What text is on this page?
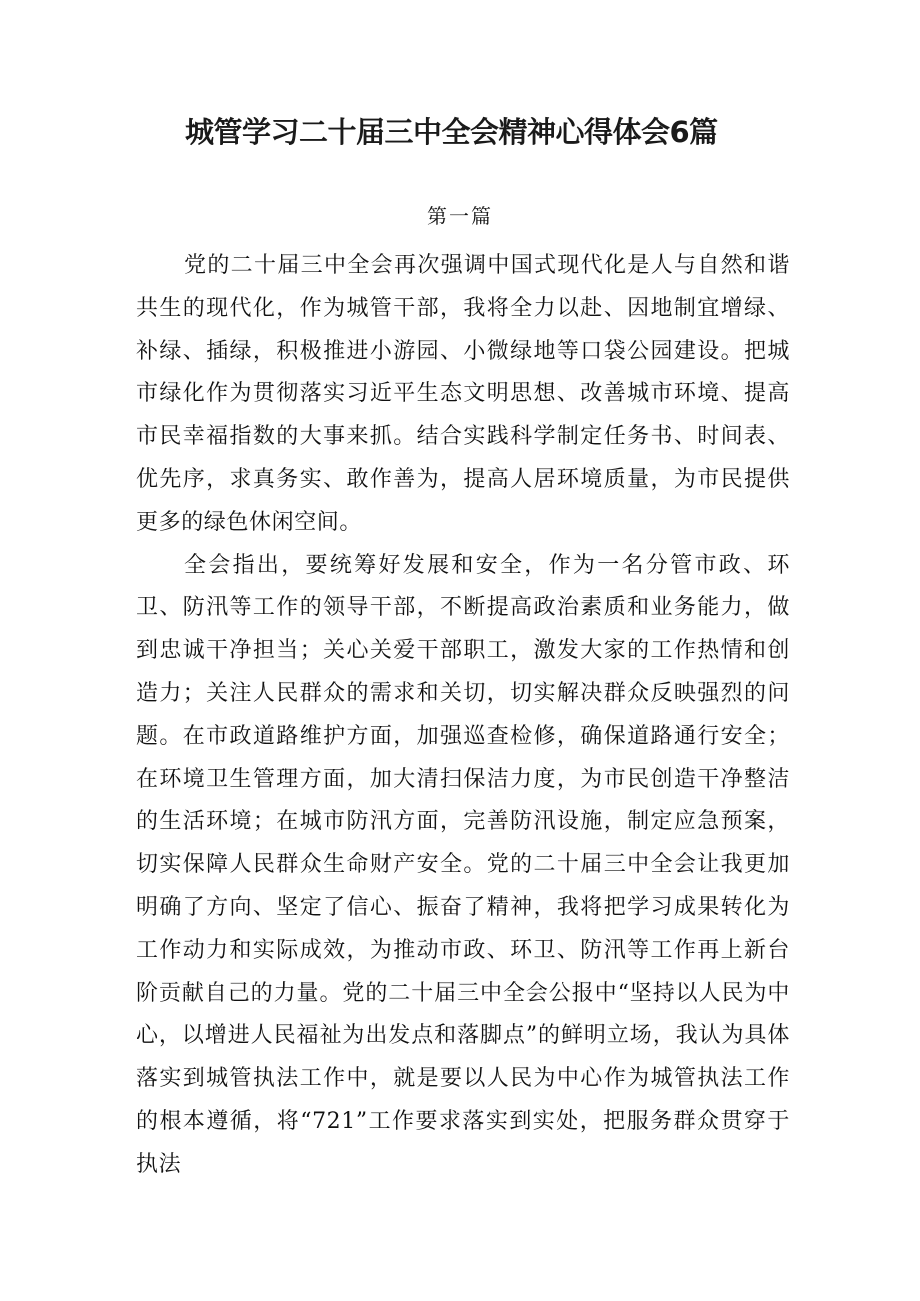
城管学习二十届三中全会精神心得体会6篇
第一篇

党的二十届三中全会再次强调中国式现代化是人与自然和谐共生的现代化，作为城管干部，我将全力以赴、因地制宜增绿、补绿、插绿，积极推进小游园、小微绿地等口袋公园建设。把城市绿化作为贯彻落实习近平生态文明思想、改善城市环境、提高市民幸福指数的大事来抓。结合实践科学制定任务书、时间表、优先序，求真务实、敢作善为，提高人居环境质量，为市民提供更多的绿色休闲空间。

全会指出，要统筹好发展和安全，作为一名分管市政、环卫、防汛等工作的领导干部，不断提高政治素质和业务能力，做到忠诚干净担当；关心关爱干部职工，激发大家的工作热情和创造力；关注人民群众的需求和关切，切实解决群众反映强烈的问题。在市政道路维护方面，加强巡查检修，确保道路通行安全；在环境卫生管理方面，加大清扫保洁力度，为市民创造干净整洁的生活环境；在城市防汛方面，完善防汛设施，制定应急预案，切实保障人民群众生命财产安全。党的二十届三中全会让我更加明确了方向、坚定了信心、振奋了精神，我将把学习成果转化为工作动力和实际成效，为推动市政、环卫、防汛等工作再上新台阶贡献自己的力量。党的二十届三中全会公报中“坚持以人民为中心，以增进人民福祉为出发点和落脚点”的鲜明立场，我认为具体落实到城管执法工作中，就是要以人民为中心作为城管执法工作的根本遵循，将“721”工作要求落实到实处，把服务群众贯穿于执法
